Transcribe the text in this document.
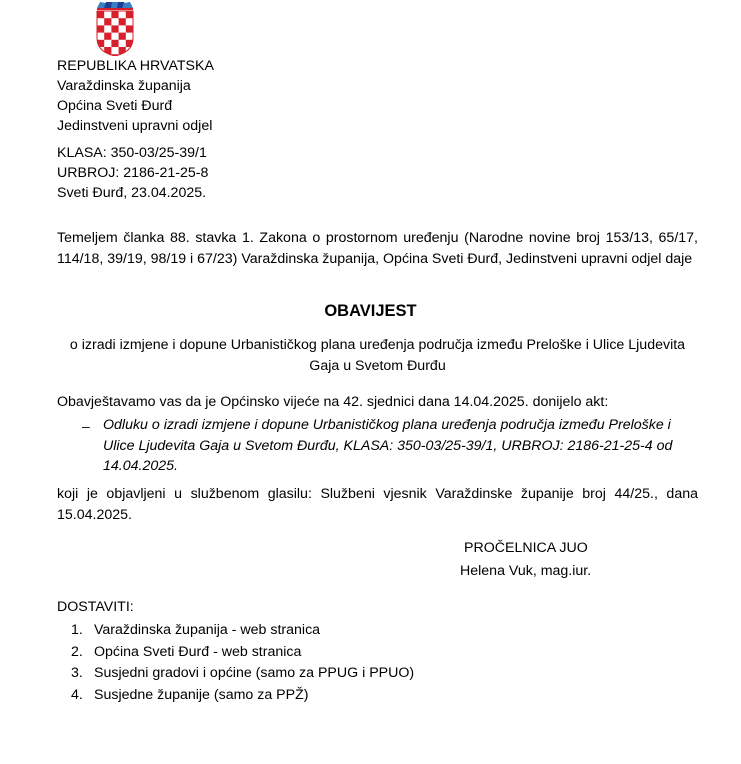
REPUBLIKA HRVATSKA
Varaždinska županija
Općina Sveti Đurđ
Jedinstveni upravni odjel
KLASA: 350-03/25-39/1
URBROJ: 2186-21-25-8
Sveti Đurđ, 23.04.2025.
Temeljem članka 88. stavka 1. Zakona o prostornom uređenju (Narodne novine broj 153/13, 65/17, 114/18, 39/19, 98/19 i 67/23) Varaždinska županija, Općina Sveti Đurđ, Jedinstveni upravni odjel daje
OBAVIJEST
o izradi izmjene i dopune Urbanističkog plana uređenja područja između Preloške i Ulice Ljudevita Gaja u Svetom Đurđu
Obavještavamo vas da je Općinsko vijeće na 42. sjednici dana 14.04.2025. donijelo akt:
– Odluku o izradi izmjene i dopune Urbanističkog plana uređenja područja između Preloške i Ulice Ljudevita Gaja u Svetom Đurđu, KLASA: 350-03/25-39/1, URBROJ: 2186-21-25-4 od 14.04.2025.
koji je objavljeni u službenom glasilu: Službeni vjesnik Varaždinske županije broj 44/25., dana 15.04.2025.
PROČELNICA JUO
Helena Vuk, mag.iur.
DOSTAVITI:
1. Varaždinska županija - web stranica
2. Općina Sveti Đurđ - web stranica
3. Susjedni gradovi i općine (samo za PPUG i PPUO)
4. Susjedne županije (samo za PPŽ)
